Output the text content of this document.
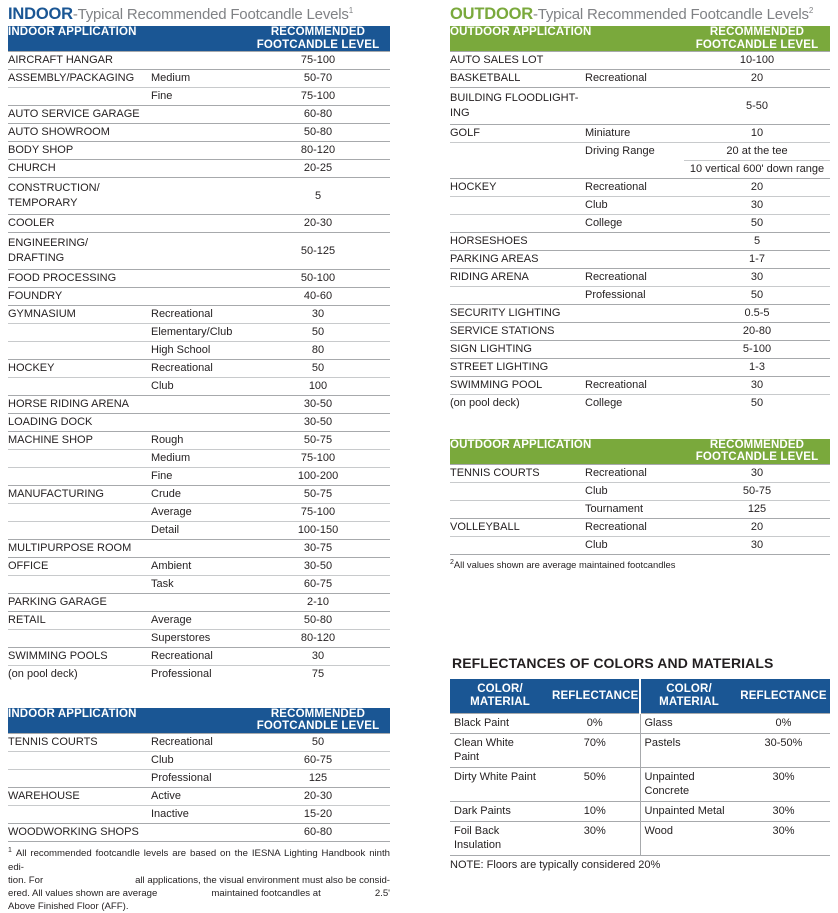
INDOOR-Typical Recommended Footcandle Levels$^1$
INDOOR APPLICATION		RECOMMENDED
FOOTCANDLE LEVEL
AIRCRAFT HANGAR		75-100
ASSEMBLY/PACKAGING	Medium	50-70
	Fine	75-100
AUTO SERVICE GARAGE		60-80
AUTO SHOWROOM		50-80
BODY SHOP		80-120
CHURCH		20-25
CONSTRUCTION/
TEMPORARY		5
COOLER		20-30
ENGINEERING/
DRAFTING		50-125
FOOD PROCESSING		50-100
FOUNDRY		40-60
GYMNASIUM	Recreational	30
	Elementary/Club	50
	High School	80
HOCKEY	Recreational	50
	Club	100
HORSE RIDING ARENA		30-50
LOADING DOCK		30-50
MACHINE SHOP	Rough	50-75
	Medium	75-100
	Fine	100-200
MANUFACTURING	Crude	50-75
	Average	75-100
	Detail	100-150
MULTIPURPOSE ROOM		30-75
OFFICE	Ambient	30-50
	Task	60-75
PARKING GARAGE		2-10
RETAIL	Average	50-80
	Superstores	80-120
SWIMMING POOLS	Recreational	30
(on pool deck)	Professional	75
INDOOR APPLICATION		RECOMMENDED
FOOTCANDLE LEVEL
TENNIS COURTS	Recreational	50
	Club	60-75
	Professional	125
WAREHOUSE	Active	20-30
	Inactive	15-20
WOODWORKING SHOPS		60-80
$^1$ All recommended footcandle levels are based on the IESNA Lighting Handbook ninth edi-
tion. For	all applications, the visual environment must also be consid-
ered. All values shown are average	maintained footcandles at	2.5'
Above Finished Floor (AFF).
OUTDOOR-Typical Recommended Footcandle Levels$^2$
OUTDOOR APPLICATION		RECOMMENDED
FOOTCANDLE LEVEL
AUTO SALES LOT		10-100
BASKETBALL	Recreational	20
BUILDING FLOODLIGHT-
ING		5-50
GOLF	Miniature	10
	Driving Range	20 at the tee
		10 vertical 600' down range
HOCKEY	Recreational	20
	Club	30
	College	50
HORSESHOES		5
PARKING AREAS		1-7
RIDING ARENA	Recreational	30
	Professional	50
SECURITY LIGHTING		0.5-5
SERVICE STATIONS		20-80
SIGN LIGHTING		5-100
STREET LIGHTING		1-3
SWIMMING POOL	Recreational	30
(on pool deck)	College	50
OUTDOOR APPLICATION		RECOMMENDED
FOOTCANDLE LEVEL
TENNIS COURTS	Recreational	30
	Club	50-75
	Tournament	125
VOLLEYBALL	Recreational	20
	Club	30
$^2$All values shown are average maintained footcandles
REFLECTANCES OF COLORS AND MATERIALS
COLOR/
MATERIAL	REFLECTANCE	COLOR/
MATERIAL	REFLECTANCE
Black Paint	0%	Glass	0%
Clean White
Paint	70%	Pastels	30-50%
Dirty White Paint	50%	Unpainted
Concrete	30%
Dark Paints	10%	Unpainted Metal	30%
Foil Back
Insulation	30%	Wood	30%
NOTE: Floors are typically considered 20%
